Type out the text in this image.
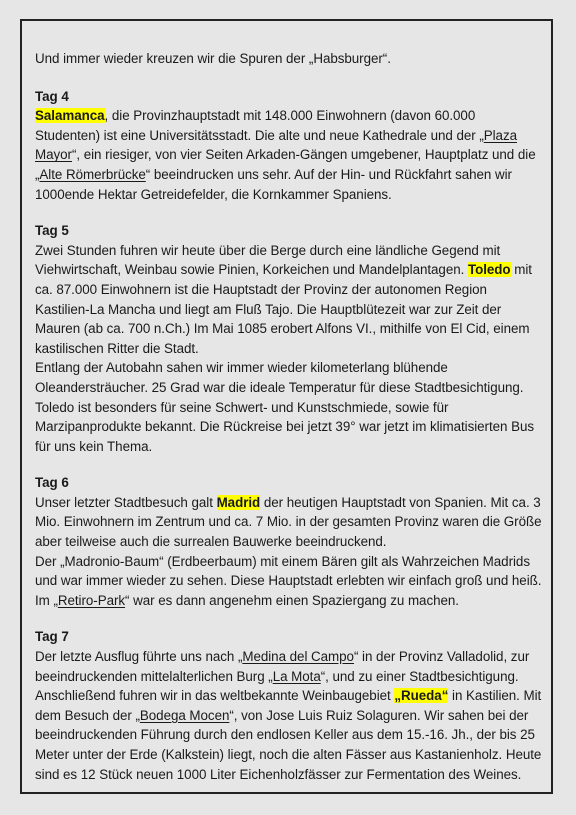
Und immer wieder kreuzen wir die Spuren der „Habsburger“.

Tag 4

Salamanca, die Provinzhauptstadt mit 148.000 Einwohnern (davon 60.000 Studenten) ist eine Universitätsstadt. Die alte und neue Kathedrale und der „Plaza Mayor“, ein riesiger, von vier Seiten Arkaden-Gängen umgebener, Hauptplatz und die „Alte Römerbrücke“ beeindrucken uns sehr. Auf der Hin- und Rückfahrt sahen wir 1000ende Hektar Getreidefelder, die Kornkammer Spaniens.

Tag 5

Zwei Stunden fuhren wir heute über die Berge durch eine ländliche Gegend mit Viehwirtschaft, Weinbau sowie Pinien, Korkeichen und Mandelplantagen. Toledo mit ca. 87.000 Einwohnern ist die Hauptstadt der Provinz der autonomen Region Kastilien-La Mancha und liegt am Fluß Tajo. Die Hauptblütezeit war zur Zeit der Mauren (ab ca. 700 n.Ch.) Im Mai 1085 erobert Alfons VI., mithilfe von El Cid, einem kastilischen Ritter die Stadt.

Entlang der Autobahn sahen wir immer wieder kilometerlang blühende Oleandersträucher. 25 Grad war die ideale Temperatur für diese Stadtbesichtigung. Toledo ist besonders für seine Schwert- und Kunstschmiede, sowie für Marzipanprodukte bekannt. Die Rückreise bei jetzt 39° war jetzt im klimatisierten Bus für uns kein Thema.

Tag 6

Unser letzter Stadtbesuch galt Madrid der heutigen Hauptstadt von Spanien. Mit ca. 3 Mio. Einwohnern im Zentrum und ca. 7 Mio. in der gesamten Provinz waren die Größe aber teilweise auch die surrealen Bauwerke beeindruckend.

Der „Madronio-Baum“ (Erdbeerbaum) mit einem Bären gilt als Wahrzeichen Madrids und war immer wieder zu sehen. Diese Hauptstadt erlebten wir einfach groß und heiß.

Im „Retiro-Park“ war es dann angenehm einen Spaziergang zu machen.

Tag 7

Der letzte Ausflug führte uns nach „Medina del Campo“ in der Provinz Valladolid, zur beeindruckenden mittelalterlichen Burg „La Mota“, und zu einer Stadtbesichtigung. Anschließend fuhren wir in das weltbekannte Weinbaugebiet „Rueda“ in Kastilien. Mit dem Besuch der „Bodega Mocen“, von Jose Luis Ruiz Solaguren. Wir sahen bei der beeindruckenden Führung durch den endlosen Keller aus dem 15.-16. Jh., der bis 25 Meter unter der Erde (Kalkstein) liegt, noch die alten Fässer aus Kastanienholz. Heute sind es 12 Stück neuen 1000 Liter Eichenholzfässer zur Fermentation des Weines.
